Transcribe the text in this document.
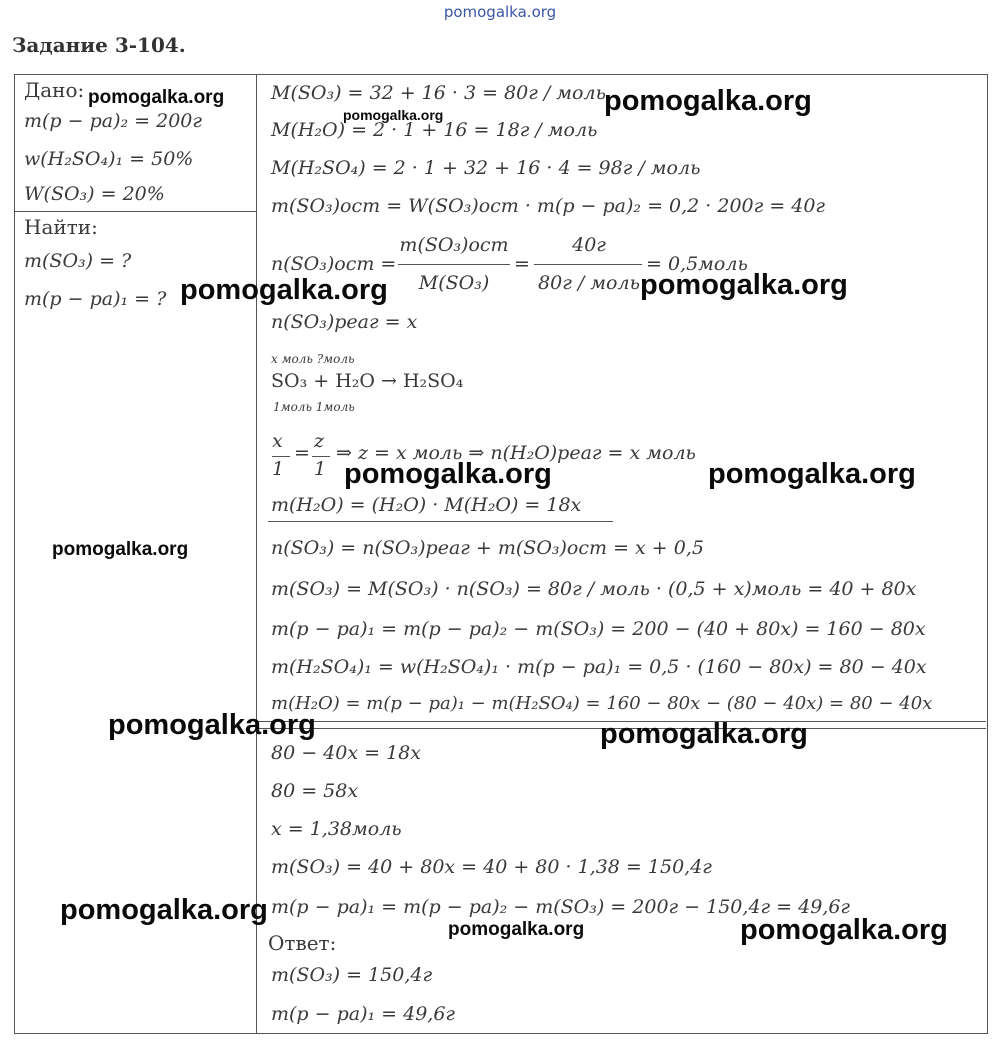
pomogalka.org
Задание 3-104.
Дано:
m(p − pa)₂ = 200г
w(H₂SO₄)₁ = 50%
W(SO₃) = 20%
Найти:
m(SO₃) = ?
m(p − pa)₁ = ?
M(SO₃) = 32 + 16 · 3 = 80г / моль
M(H₂O) = 2 · 1 + 16 = 18г / моль
M(H₂SO₄) = 2 · 1 + 32 + 16 · 4 = 98г / моль
m(SO₃)ост = W(SO₃)ост · m(p − pa)₂ = 0,2 · 200г = 40г
n(SO₃)ост =
m(SO₃)ост
M(SO₃)
=
40г
80г / моль
= 0,5моль
n(SO₃)реаг = x
x моль ?моль
SO₃ + H₂O → H₂SO₄
1моль 1моль
x
1
=
z
1
⇒ z = x моль ⇒ n(H₂O)реаг = x моль
m(H₂O) = (H₂O) · M(H₂O) = 18x
n(SO₃) = n(SO₃)реаг + m(SO₃)ост = x + 0,5
m(SO₃) = M(SO₃) · n(SO₃) = 80г / моль · (0,5 + x)моль = 40 + 80x
m(p − pa)₁ = m(p − pa)₂ − m(SO₃) = 200 − (40 + 80x) = 160 − 80x
m(H₂SO₄)₁ = w(H₂SO₄)₁ · m(p − pa)₁ = 0,5 · (160 − 80x) = 80 − 40x
m(H₂O) = m(p − pa)₁ − m(H₂SO₄) = 160 − 80x − (80 − 40x) = 80 − 40x
80 − 40x = 18x
80 = 58x
x = 1,38моль
m(SO₃) = 40 + 80x = 40 + 80 · 1,38 = 150,4г
m(p − pa)₁ = m(p − pa)₂ − m(SO₃) = 200г − 150,4г = 49,6г
Ответ:
m(SO₃) = 150,4г
m(p − pa)₁ = 49,6г
pomogalka.org
pomogalka.org	pomogalka.org
pomogalka.org	pomogalka.org
pomogalka.org	pomogalka.org
pomogalka.org
pomogalka.org	pomogalka.org
pomogalka.org
pomogalka.org	pomogalka.org
